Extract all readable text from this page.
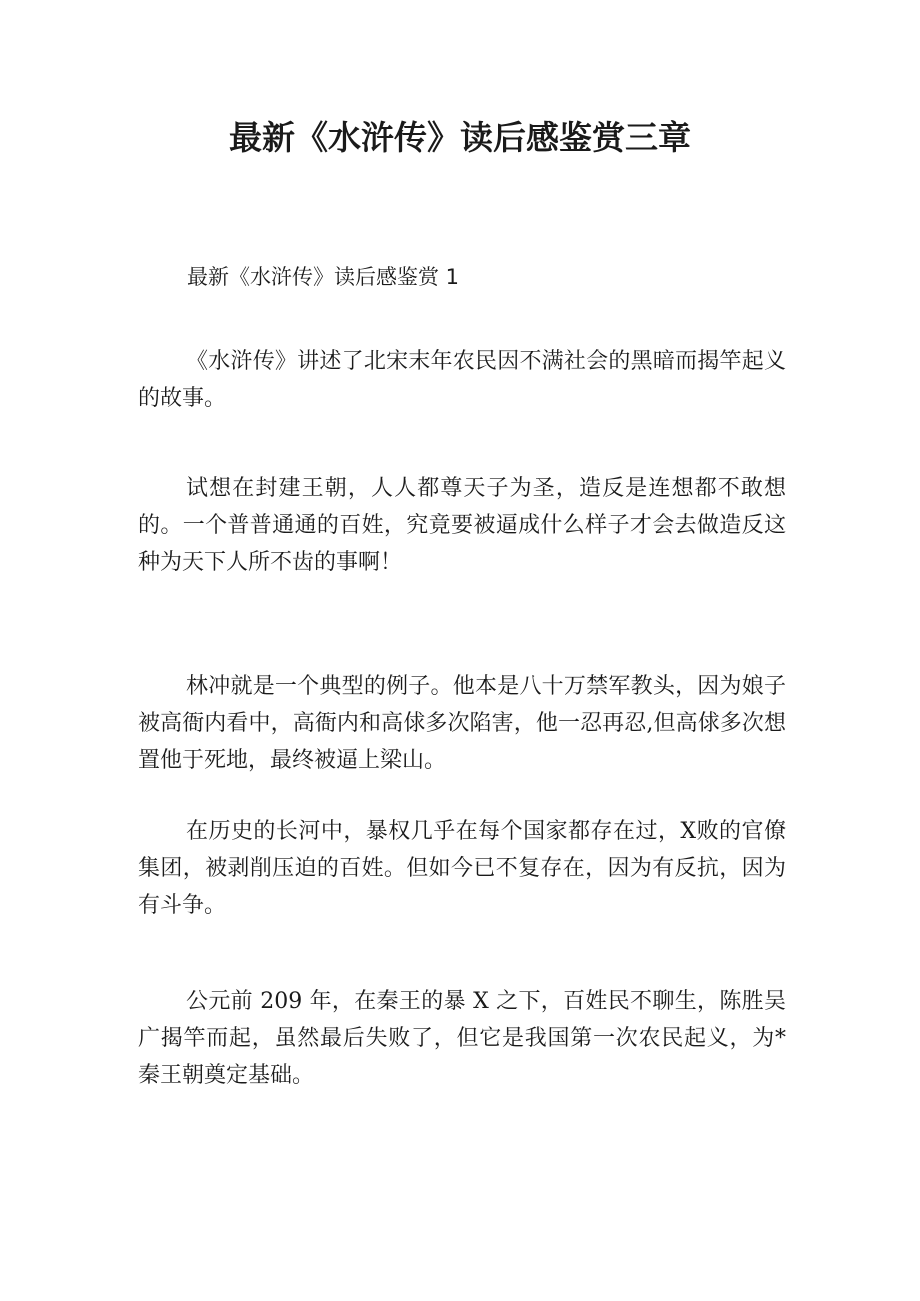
最新《水浒传》读后感鉴赏三章

最新《水浒传》读后感鉴赏 1

《水浒传》讲述了北宋末年农民因不满社会的黑暗而揭竿起义的故事。

试想在封建王朝，人人都尊天子为圣，造反是连想都不敢想的。一个普普通通的百姓，究竟要被逼成什么样子才会去做造反这种为天下人所不齿的事啊！

林冲就是一个典型的例子。他本是八十万禁军教头，因为娘子被高衙内看中，高衙内和高俅多次陷害，他一忍再忍,但高俅多次想置他于死地，最终被逼上梁山。

在历史的长河中，暴权几乎在每个国家都存在过，X败的官僚集团，被剥削压迫的百姓。但如今已不复存在，因为有反抗，因为有斗争。

公元前 209 年，在秦王的暴 X 之下，百姓民不聊生，陈胜吴广揭竿而起，虽然最后失败了，但它是我国第一次农民起义，为*秦王朝奠定基础。
